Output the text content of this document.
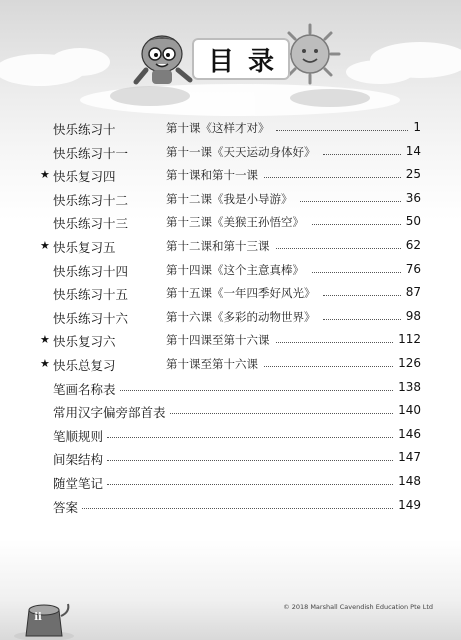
目录
快乐练习十	第十课《这样才对》	1
快乐练习十一	第十一课《天天运动身体好》	14
★ 快乐复习四	第十课和第十一课	25
快乐练习十二	第十二课《我是小导游》	36
快乐练习十三	第十三课《美猴王孙悟空》	50
★ 快乐复习五	第十二课和第十三课	62
快乐练习十四	第十四课《这个主意真棒》	76
快乐练习十五	第十五课《一年四季好风光》	87
快乐练习十六	第十六课《多彩的动物世界》	98
★ 快乐复习六	第十四课至第十六课	112
★ 快乐总复习	第十课至第十六课	126
笔画名称表	138
常用汉字偏旁部首表	140
笔顺规则	146
间架结构	147
随堂笔记	148
答案	149
ii
© 2018 Marshall Cavendish Education Pte Ltd
